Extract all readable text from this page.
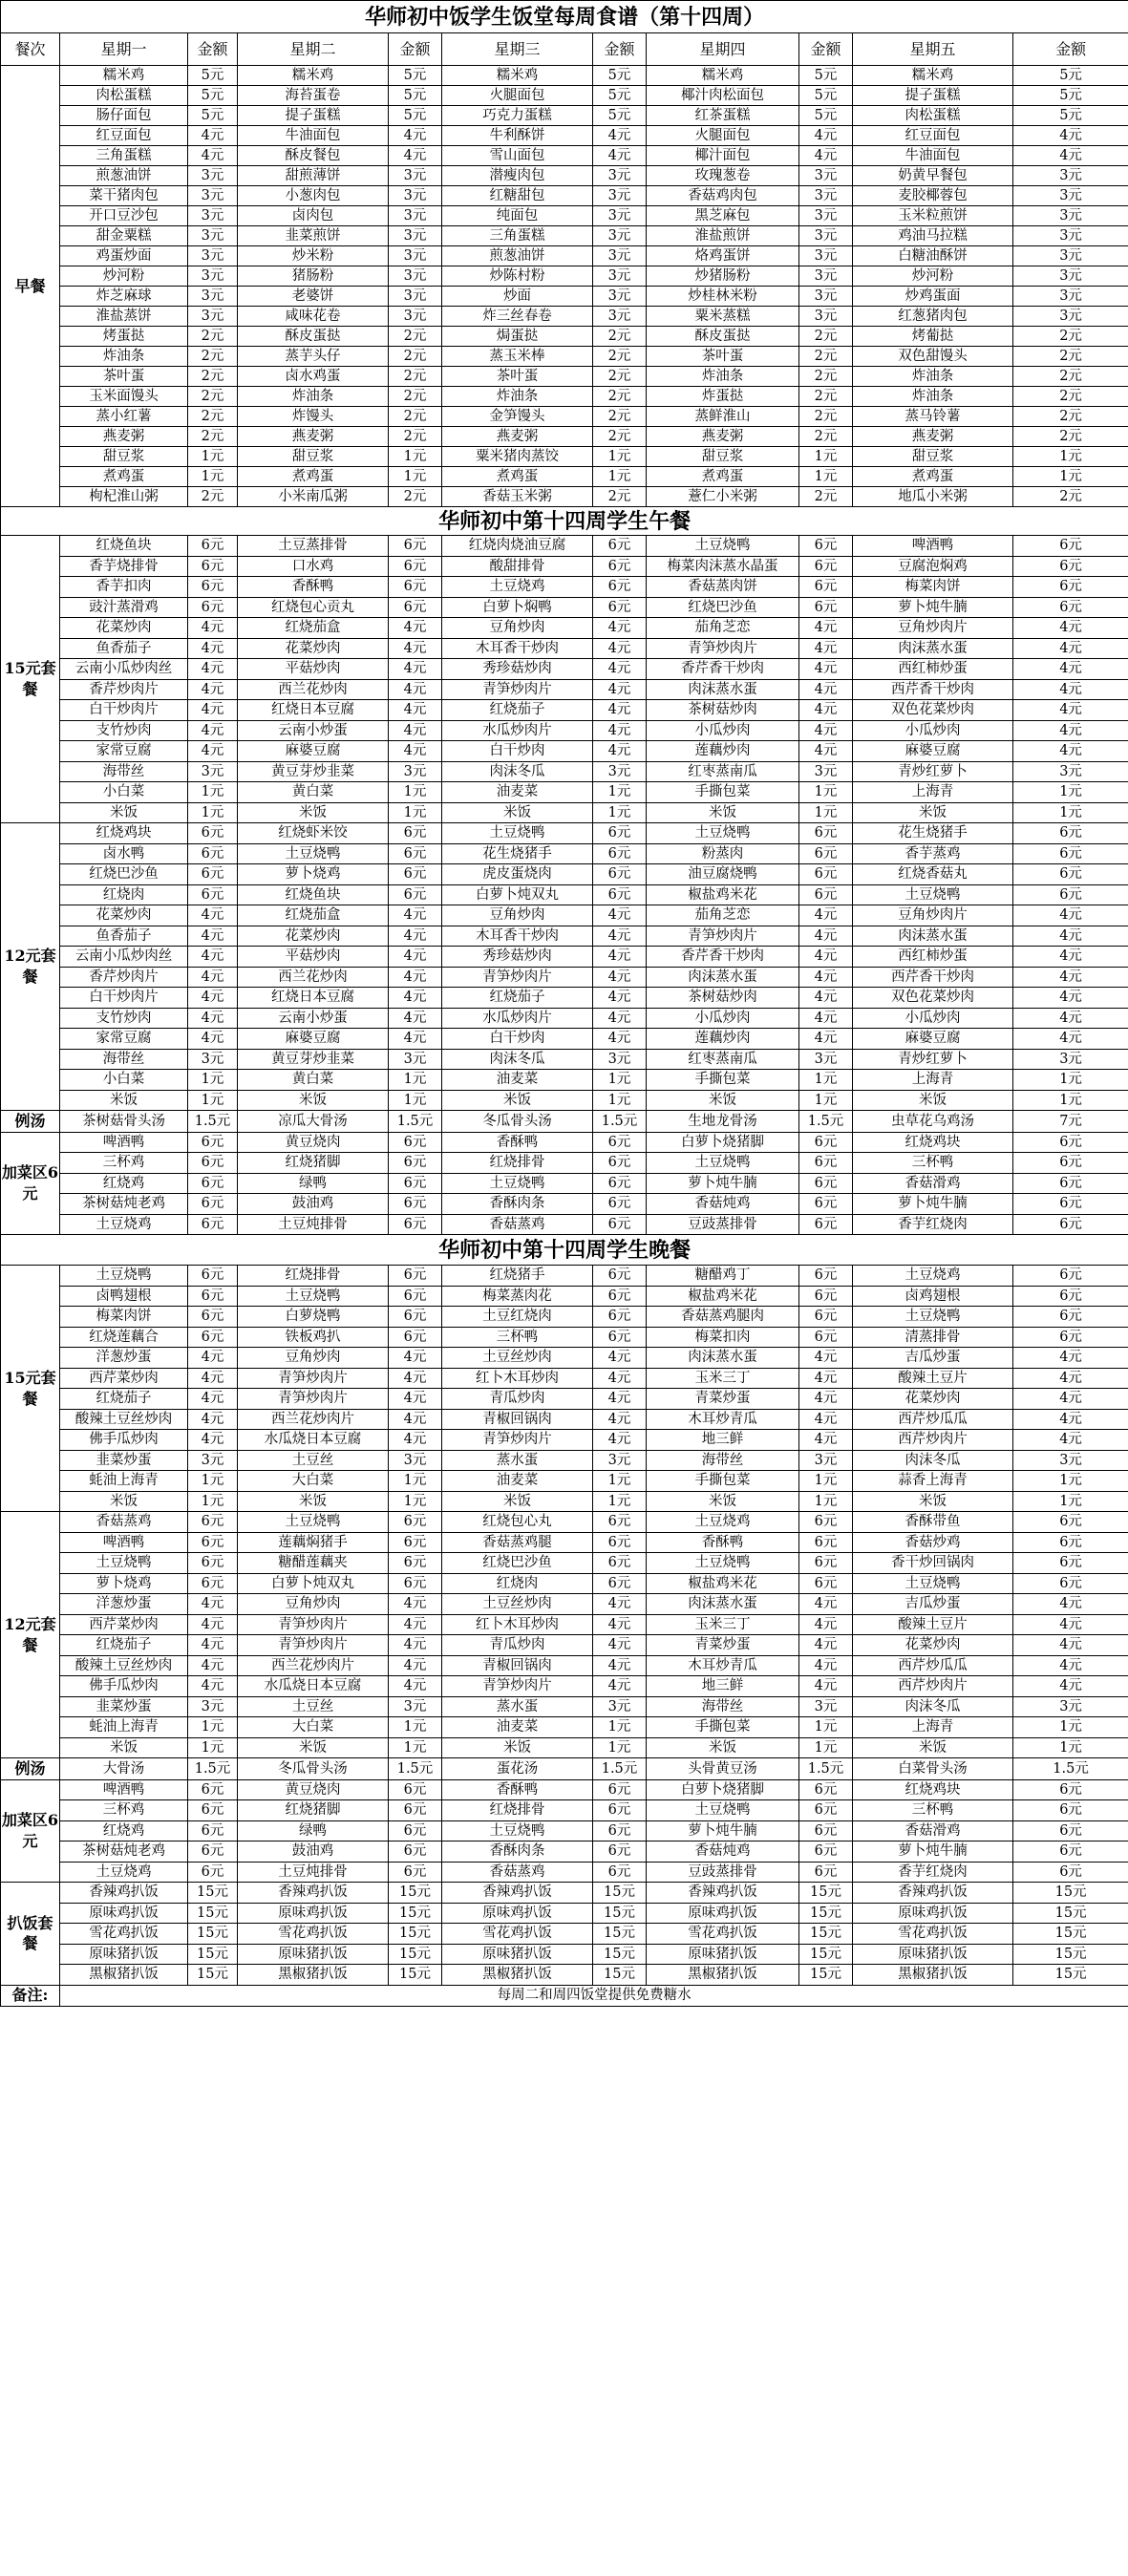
华师初中饭学生饭堂每周食谱（第十四周）										
餐次	星期一	金额	星期二	金额	星期三	金额	星期四	金额	星期五	金额
早餐	糯米鸡	5元	糯米鸡	5元	糯米鸡	5元	糯米鸡	5元	糯米鸡	5元
	肉松蛋糕	5元	海苔蛋卷	5元	火腿面包	5元	椰汁肉松面包	5元	提子蛋糕	5元
	肠仔面包	5元	提子蛋糕	5元	巧克力蛋糕	5元	红茶蛋糕	5元	肉松蛋糕	5元
	红豆面包	4元	牛油面包	4元	牛利酥饼	4元	火腿面包	4元	红豆面包	4元
	三角蛋糕	4元	酥皮餐包	4元	雪山面包	4元	椰汁面包	4元	牛油面包	4元
	煎葱油饼	3元	甜煎薄饼	3元	潜瘦肉包	3元	玫瑰葱卷	3元	奶黄早餐包	3元
	菜干猪肉包	3元	小葱肉包	3元	红糖甜包	3元	香菇鸡肉包	3元	麦胶椰蓉包	3元
	开口豆沙包	3元	卤肉包	3元	纯面包	3元	黑芝麻包	3元	玉米粒煎饼	3元
	甜金粟糕	3元	韭菜煎饼	3元	三角蛋糕	3元	淮盐煎饼	3元	鸡油马拉糕	3元
	鸡蛋炒面	3元	炒米粉	3元	煎葱油饼	3元	烙鸡蛋饼	3元	白糖油酥饼	3元
	炒河粉	3元	猪肠粉	3元	炒陈村粉	3元	炒猪肠粉	3元	炒河粉	3元
	炸芝麻球	3元	老婆饼	3元	炒面	3元	炒桂林米粉	3元	炒鸡蛋面	3元
	淮盐蒸饼	3元	咸味花卷	3元	炸三丝春卷	3元	粟米蒸糕	3元	红葱猪肉包	3元
	烤蛋挞	2元	酥皮蛋挞	2元	焗蛋挞	2元	酥皮蛋挞	2元	烤葡挞	2元
	炸油条	2元	蒸芋头仔	2元	蒸玉米棒	2元	茶叶蛋	2元	双色甜馒头	2元
	茶叶蛋	2元	卤水鸡蛋	2元	茶叶蛋	2元	炸油条	2元	炸油条	2元
	玉米面馒头	2元	炸油条	2元	炸油条	2元	炸蛋挞	2元	炸油条	2元
	蒸小红薯	2元	炸馒头	2元	金笋馒头	2元	蒸鲜淮山	2元	蒸马铃薯	2元
	燕麦粥	2元	燕麦粥	2元	燕麦粥	2元	燕麦粥	2元	燕麦粥	2元
	甜豆浆	1元	甜豆浆	1元	粟米猪肉蒸饺	1元	甜豆浆	1元	甜豆浆	1元
	煮鸡蛋	1元	煮鸡蛋	1元	煮鸡蛋	1元	煮鸡蛋	1元	煮鸡蛋	1元
	枸杞淮山粥	2元	小米南瓜粥	2元	香菇玉米粥	2元	薏仁小米粥	2元	地瓜小米粥	2元
华师初中第十四周学生午餐										
15元套餐	红烧鱼块	6元	土豆蒸排骨	6元	红烧肉烧油豆腐	6元	土豆烧鸭	6元	啤酒鸭	6元
	香芋烧排骨	6元	口水鸡	6元	酸甜排骨	6元	梅菜肉沫蒸水晶蛋	6元	豆腐泡焖鸡	6元
	香芋扣肉	6元	香酥鸭	6元	土豆烧鸡	6元	香菇蒸肉饼	6元	梅菜肉饼	6元
	豉汁蒸滑鸡	6元	红烧包心贡丸	6元	白萝卜焖鸭	6元	红烧巴沙鱼	6元	萝卜炖牛腩	6元
	花菜炒肉	4元	红烧茄盒	4元	豆角炒肉	4元	茄角芝恋	4元	豆角炒肉片	4元
	鱼香茄子	4元	花菜炒肉	4元	木耳香干炒肉	4元	青笋炒肉片	4元	肉沫蒸水蛋	4元
	云南小瓜炒肉丝	4元	平菇炒肉	4元	秀珍菇炒肉	4元	香芹香干炒肉	4元	西红柿炒蛋	4元
	香芹炒肉片	4元	西兰花炒肉	4元	青笋炒肉片	4元	肉沫蒸水蛋	4元	西芹香干炒肉	4元
	白干炒肉片	4元	红烧日本豆腐	4元	红烧茄子	4元	茶树菇炒肉	4元	双色花菜炒肉	4元
	支竹炒肉	4元	云南小炒蛋	4元	水瓜炒肉片	4元	小瓜炒肉	4元	小瓜炒肉	4元
	家常豆腐	4元	麻婆豆腐	4元	白干炒肉	4元	莲藕炒肉	4元	麻婆豆腐	4元
	海带丝	3元	黄豆芽炒韭菜	3元	肉沫冬瓜	3元	红枣蒸南瓜	3元	青炒红萝卜	3元
	小白菜	1元	黄白菜	1元	油麦菜	1元	手撕包菜	1元	上海青	1元
	米饭	1元	米饭	1元	米饭	1元	米饭	1元	米饭	1元
12元套餐	红烧鸡块	6元	红烧虾米饺	6元	土豆烧鸭	6元	土豆烧鸭	6元	花生烧猪手	6元
	卤水鸭	6元	土豆烧鸭	6元	花生烧猪手	6元	粉蒸肉	6元	香芋蒸鸡	6元
	红烧巴沙鱼	6元	萝卜烧鸡	6元	虎皮蛋烧肉	6元	油豆腐烧鸭	6元	红烧香菇丸	6元
	红烧肉	6元	红烧鱼块	6元	白萝卜炖双丸	6元	椒盐鸡米花	6元	土豆烧鸭	6元
	花菜炒肉	4元	红烧茄盒	4元	豆角炒肉	4元	茄角芝恋	4元	豆角炒肉片	4元
	鱼香茄子	4元	花菜炒肉	4元	木耳香干炒肉	4元	青笋炒肉片	4元	肉沫蒸水蛋	4元
	云南小瓜炒肉丝	4元	平菇炒肉	4元	秀珍菇炒肉	4元	香芹香干炒肉	4元	西红柿炒蛋	4元
	香芹炒肉片	4元	西兰花炒肉	4元	青笋炒肉片	4元	肉沫蒸水蛋	4元	西芹香干炒肉	4元
	白干炒肉片	4元	红烧日本豆腐	4元	红烧茄子	4元	茶树菇炒肉	4元	双色花菜炒肉	4元
	支竹炒肉	4元	云南小炒蛋	4元	水瓜炒肉片	4元	小瓜炒肉	4元	小瓜炒肉	4元
	家常豆腐	4元	麻婆豆腐	4元	白干炒肉	4元	莲藕炒肉	4元	麻婆豆腐	4元
	海带丝	3元	黄豆芽炒韭菜	3元	肉沫冬瓜	3元	红枣蒸南瓜	3元	青炒红萝卜	3元
	小白菜	1元	黄白菜	1元	油麦菜	1元	手撕包菜	1元	上海青	1元
	米饭	1元	米饭	1元	米饭	1元	米饭	1元	米饭	1元
例汤	茶树菇骨头汤	1.5元	凉瓜大骨汤	1.5元	冬瓜骨头汤	1.5元	生地龙骨汤	1.5元	虫草花乌鸡汤	7元
加菜区6元	啤酒鸭	6元	黄豆烧肉	6元	香酥鸭	6元	白萝卜烧猪脚	6元	红烧鸡块	6元
	三杯鸡	6元	红烧猪脚	6元	红烧排骨	6元	土豆烧鸭	6元	三杯鸭	6元
	红烧鸡	6元	绿鸭	6元	土豆烧鸭	6元	萝卜炖牛腩	6元	香菇滑鸡	6元
	茶树菇炖老鸡	6元	鼓油鸡	6元	香酥肉条	6元	香菇炖鸡	6元	萝卜炖牛腩	6元
	土豆烧鸡	6元	土豆炖排骨	6元	香菇蒸鸡	6元	豆豉蒸排骨	6元	香芋红烧肉	6元
华师初中第十四周学生晚餐										
15元套餐	土豆烧鸭	6元	红烧排骨	6元	红烧猪手	6元	糖醋鸡丁	6元	土豆烧鸡	6元
	卤鸭翅根	6元	土豆烧鸭	6元	梅菜蒸肉花	6元	椒盐鸡米花	6元	卤鸡翅根	6元
	梅菜肉饼	6元	白萝烧鸭	6元	土豆红烧肉	6元	香菇蒸鸡腿肉	6元	土豆烧鸭	6元
	红烧莲藕合	6元	铁板鸡扒	6元	三杯鸭	6元	梅菜扣肉	6元	清蒸排骨	6元
	洋葱炒蛋	4元	豆角炒肉	4元	土豆丝炒肉	4元	肉沫蒸水蛋	4元	吉瓜炒蛋	4元
	西芹菜炒肉	4元	青笋炒肉片	4元	红卜木耳炒肉	4元	玉米三丁	4元	酸辣土豆片	4元
	红烧茄子	4元	青笋炒肉片	4元	青瓜炒肉	4元	青菜炒蛋	4元	花菜炒肉	4元
	酸辣土豆丝炒肉	4元	西兰花炒肉片	4元	青椒回锅肉	4元	木耳炒青瓜	4元	西芹炒瓜瓜	4元
	佛手瓜炒肉	4元	水瓜烧日本豆腐	4元	青笋炒肉片	4元	地三鲜	4元	西芹炒肉片	4元
	韭菜炒蛋	3元	土豆丝	3元	蒸水蛋	3元	海带丝	3元	肉沫冬瓜	3元
	蚝油上海青	1元	大白菜	1元	油麦菜	1元	手撕包菜	1元	蒜香上海青	1元
	米饭	1元	米饭	1元	米饭	1元	米饭	1元	米饭	1元
12元套餐	香菇蒸鸡	6元	土豆烧鸭	6元	红烧包心丸	6元	土豆烧鸡	6元	香酥带鱼	6元
	啤酒鸭	6元	莲藕焖猪手	6元	香菇蒸鸡腿	6元	香酥鸭	6元	香菇炒鸡	6元
	土豆烧鸭	6元	糖醋莲藕夹	6元	红烧巴沙鱼	6元	土豆烧鸭	6元	香干炒回锅肉	6元
	萝卜烧鸡	6元	白萝卜炖双丸	6元	红烧肉	6元	椒盐鸡米花	6元	土豆烧鸭	6元
	洋葱炒蛋	4元	豆角炒肉	4元	土豆丝炒肉	4元	肉沫蒸水蛋	4元	吉瓜炒蛋	4元
	西芹菜炒肉	4元	青笋炒肉片	4元	红卜木耳炒肉	4元	玉米三丁	4元	酸辣土豆片	4元
	红烧茄子	4元	青笋炒肉片	4元	青瓜炒肉	4元	青菜炒蛋	4元	花菜炒肉	4元
	酸辣土豆丝炒肉	4元	西兰花炒肉片	4元	青椒回锅肉	4元	木耳炒青瓜	4元	西芹炒瓜瓜	4元
	佛手瓜炒肉	4元	水瓜烧日本豆腐	4元	青笋炒肉片	4元	地三鲜	4元	西芹炒肉片	4元
	韭菜炒蛋	3元	土豆丝	3元	蒸水蛋	3元	海带丝	3元	肉沫冬瓜	3元
	蚝油上海青	1元	大白菜	1元	油麦菜	1元	手撕包菜	1元	上海青	1元
	米饭	1元	米饭	1元	米饭	1元	米饭	1元	米饭	1元
例汤	大骨汤	1.5元	冬瓜骨头汤	1.5元	蛋花汤	1.5元	头骨黄豆汤	1.5元	白菜骨头汤	1.5元
加菜区6元	啤酒鸭	6元	黄豆烧肉	6元	香酥鸭	6元	白萝卜烧猪脚	6元	红烧鸡块	6元
	三杯鸡	6元	红烧猪脚	6元	红烧排骨	6元	土豆烧鸭	6元	三杯鸭	6元
	红烧鸡	6元	绿鸭	6元	土豆烧鸭	6元	萝卜炖牛腩	6元	香菇滑鸡	6元
	茶树菇炖老鸡	6元	鼓油鸡	6元	香酥肉条	6元	香菇炖鸡	6元	萝卜炖牛腩	6元
	土豆烧鸡	6元	土豆炖排骨	6元	香菇蒸鸡	6元	豆豉蒸排骨	6元	香芋红烧肉	6元
扒饭套餐	香辣鸡扒饭	15元	香辣鸡扒饭	15元	香辣鸡扒饭	15元	香辣鸡扒饭	15元	香辣鸡扒饭	15元
	原味鸡扒饭	15元	原味鸡扒饭	15元	原味鸡扒饭	15元	原味鸡扒饭	15元	原味鸡扒饭	15元
	雪花鸡扒饭	15元	雪花鸡扒饭	15元	雪花鸡扒饭	15元	雪花鸡扒饭	15元	雪花鸡扒饭	15元
	原味猪扒饭	15元	原味猪扒饭	15元	原味猪扒饭	15元	原味猪扒饭	15元	原味猪扒饭	15元
	黑椒猪扒饭	15元	黑椒猪扒饭	15元	黑椒猪扒饭	15元	黑椒猪扒饭	15元	黑椒猪扒饭	15元
备注:	每周二和周四饭堂提供免费糖水									
